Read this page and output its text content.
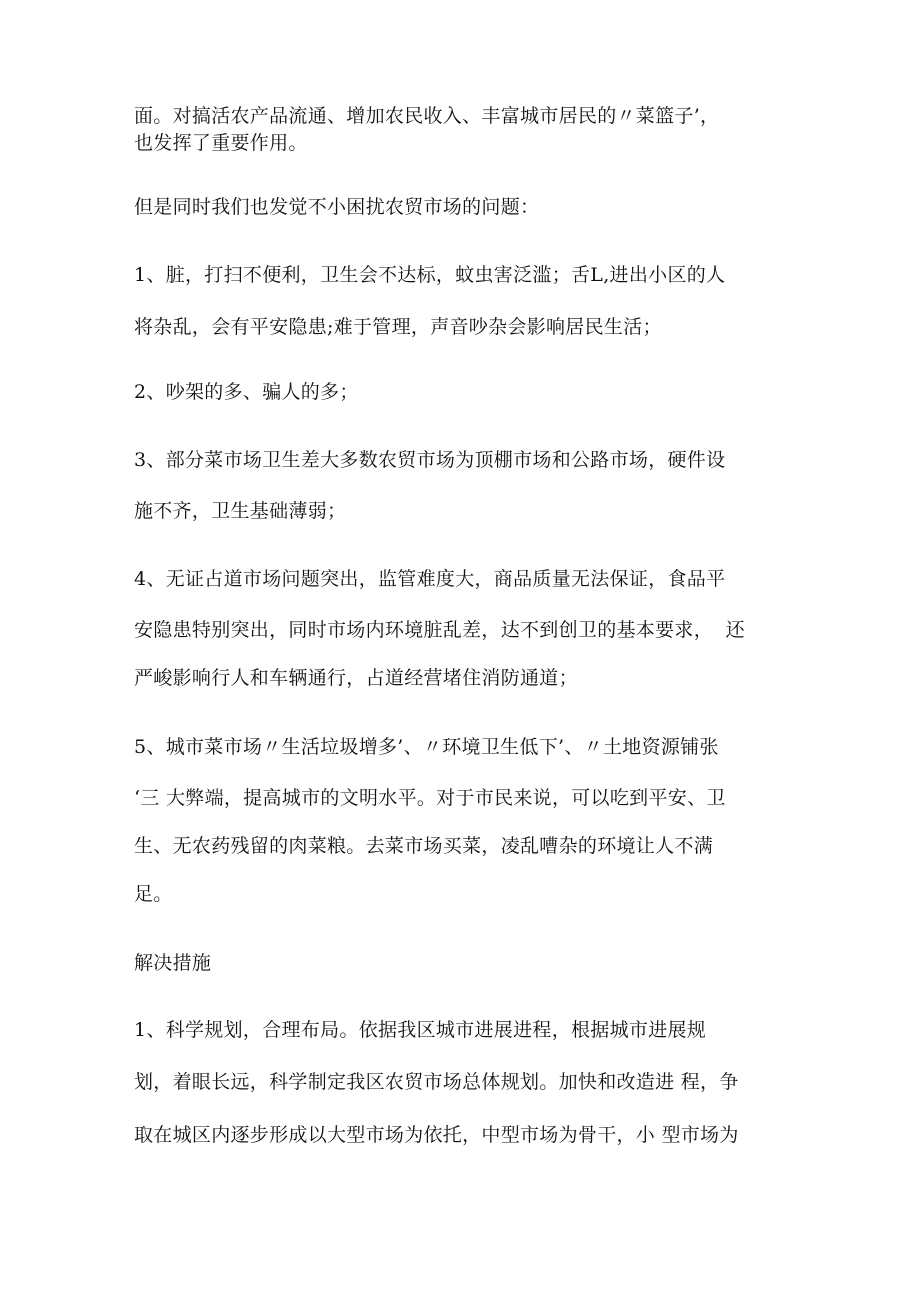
面。对搞活农产品流通、增加农民收入、丰富城市居民的〃菜篮子’，
也发挥了重要作用。
但是同时我们也发觉不小困扰农贸市场的问题：
1、脏，打扫不便利，卫生会不达标，蚊虫害泛滥；舌L,进出小区的人
将杂乱，会有平安隐患;难于管理，声音吵杂会影响居民生活；
2、吵架的多、骗人的多；
3、部分菜市场卫生差大多数农贸市场为顶棚市场和公路市场，硬件设
施不齐，卫生基础薄弱；
4、无证占道市场问题突出，监管难度大，商品质量无法保证，食品平
安隐患特别突出，同时市场内环境脏乱差，达不到创卫的基本要求，  还
严峻影响行人和车辆通行，占道经营堵住消防通道；
5、城市菜市场〃生活垃圾增多’、〃环境卫生低下’、〃土地资源铺张
‘三 大弊端，提高城市的文明水平。对于市民来说，可以吃到平安、卫
生、无农药残留的肉菜粮。去菜市场买菜，凌乱嘈杂的环境让人不满
足。
解决措施
1、科学规划，合理布局。依据我区城市进展进程，根据城市进展规
划，着眼长远，科学制定我区农贸市场总体规划。加快和改造进 程，争
取在城区内逐步形成以大型市场为依托，中型市场为骨干，小 型市场为
